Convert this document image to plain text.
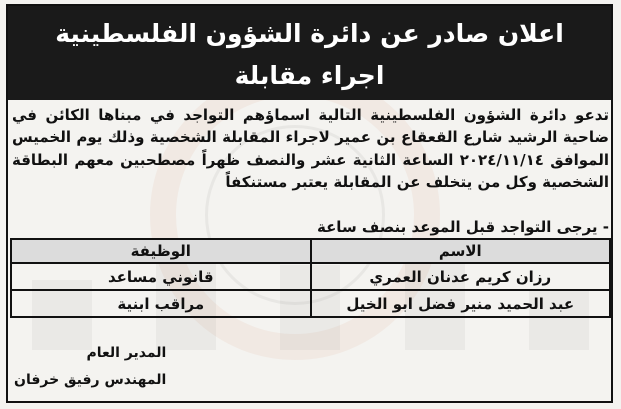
اعلان صادر عن دائرة الشؤون الفلسطينية
اجراء مقابلة
تدعو دائرة الشؤون الفلسطينية التالية اسماؤهم التواجد في مبناها الكائن في ضاحية الرشيد شارع القعقاع بن عمير لاجراء المقابلة الشخصية وذلك يوم الخميس الموافق ٢٠٢٤/١١/١٤ الساعة الثانية عشر والنصف ظهراً مصطحبين معهم البطاقة الشخصية وكل من يتخلف عن المقابلة يعتبر مستنكفاً
- يرجى التواجد قبل الموعد بنصف ساعة
الاسم	الوظيفة
رزان كريم عدنان العمري	قانوني مساعد
عبد الحميد منير فضل ابو الخيل	مراقب ابنية
المدير العام
المهندس رفيق خرفان
